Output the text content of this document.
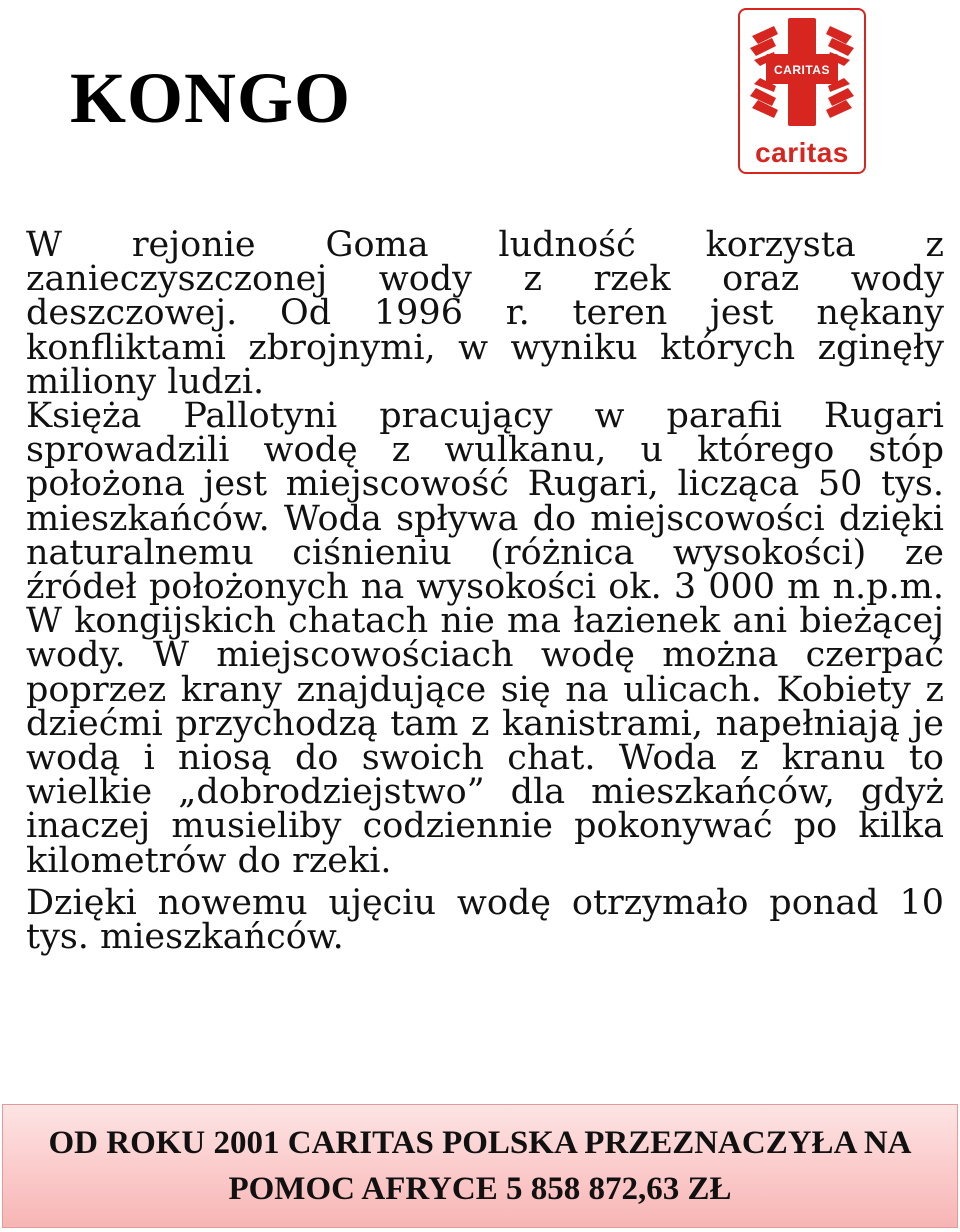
KONGO	CARITAS
caritas

W rejonie Goma ludność korzysta z zanieczyszczonej wody z rzek oraz wody deszczowej. Od 1996 r. teren jest nękany konfliktami zbrojnymi, w wyniku których zginęły miliony ludzi.

Księża Pallotyni pracujący w parafii Rugari sprowadzili wodę z wulkanu, u którego stóp położona jest miejscowość Rugari, licząca 50 tys. mieszkańców. Woda spływa do miejscowości dzięki naturalnemu ciśnieniu (różnica wysokości) ze źródeł położonych na wysokości ok. 3 000 m n.p.m. W kongijskich chatach nie ma łazienek ani bieżącej wody. W miejscowościach wodę można czerpać poprzez krany znajdujące się na ulicach. Kobiety z dziećmi przychodzą tam z kanistrami, napełniają je wodą i niosą do swoich chat. Woda z kranu to wielkie „dobrodziejstwo” dla mieszkańców, gdyż inaczej musieliby codziennie pokonywać po kilka kilometrów do rzeki.

Dzięki nowemu ujęciu wodę otrzymało ponad 10 tys. mieszkańców.

OD ROKU 2001 CARITAS POLSKA PRZEZNACZYŁA NA
POMOC AFRYCE 5 858 872,63 ZŁ
